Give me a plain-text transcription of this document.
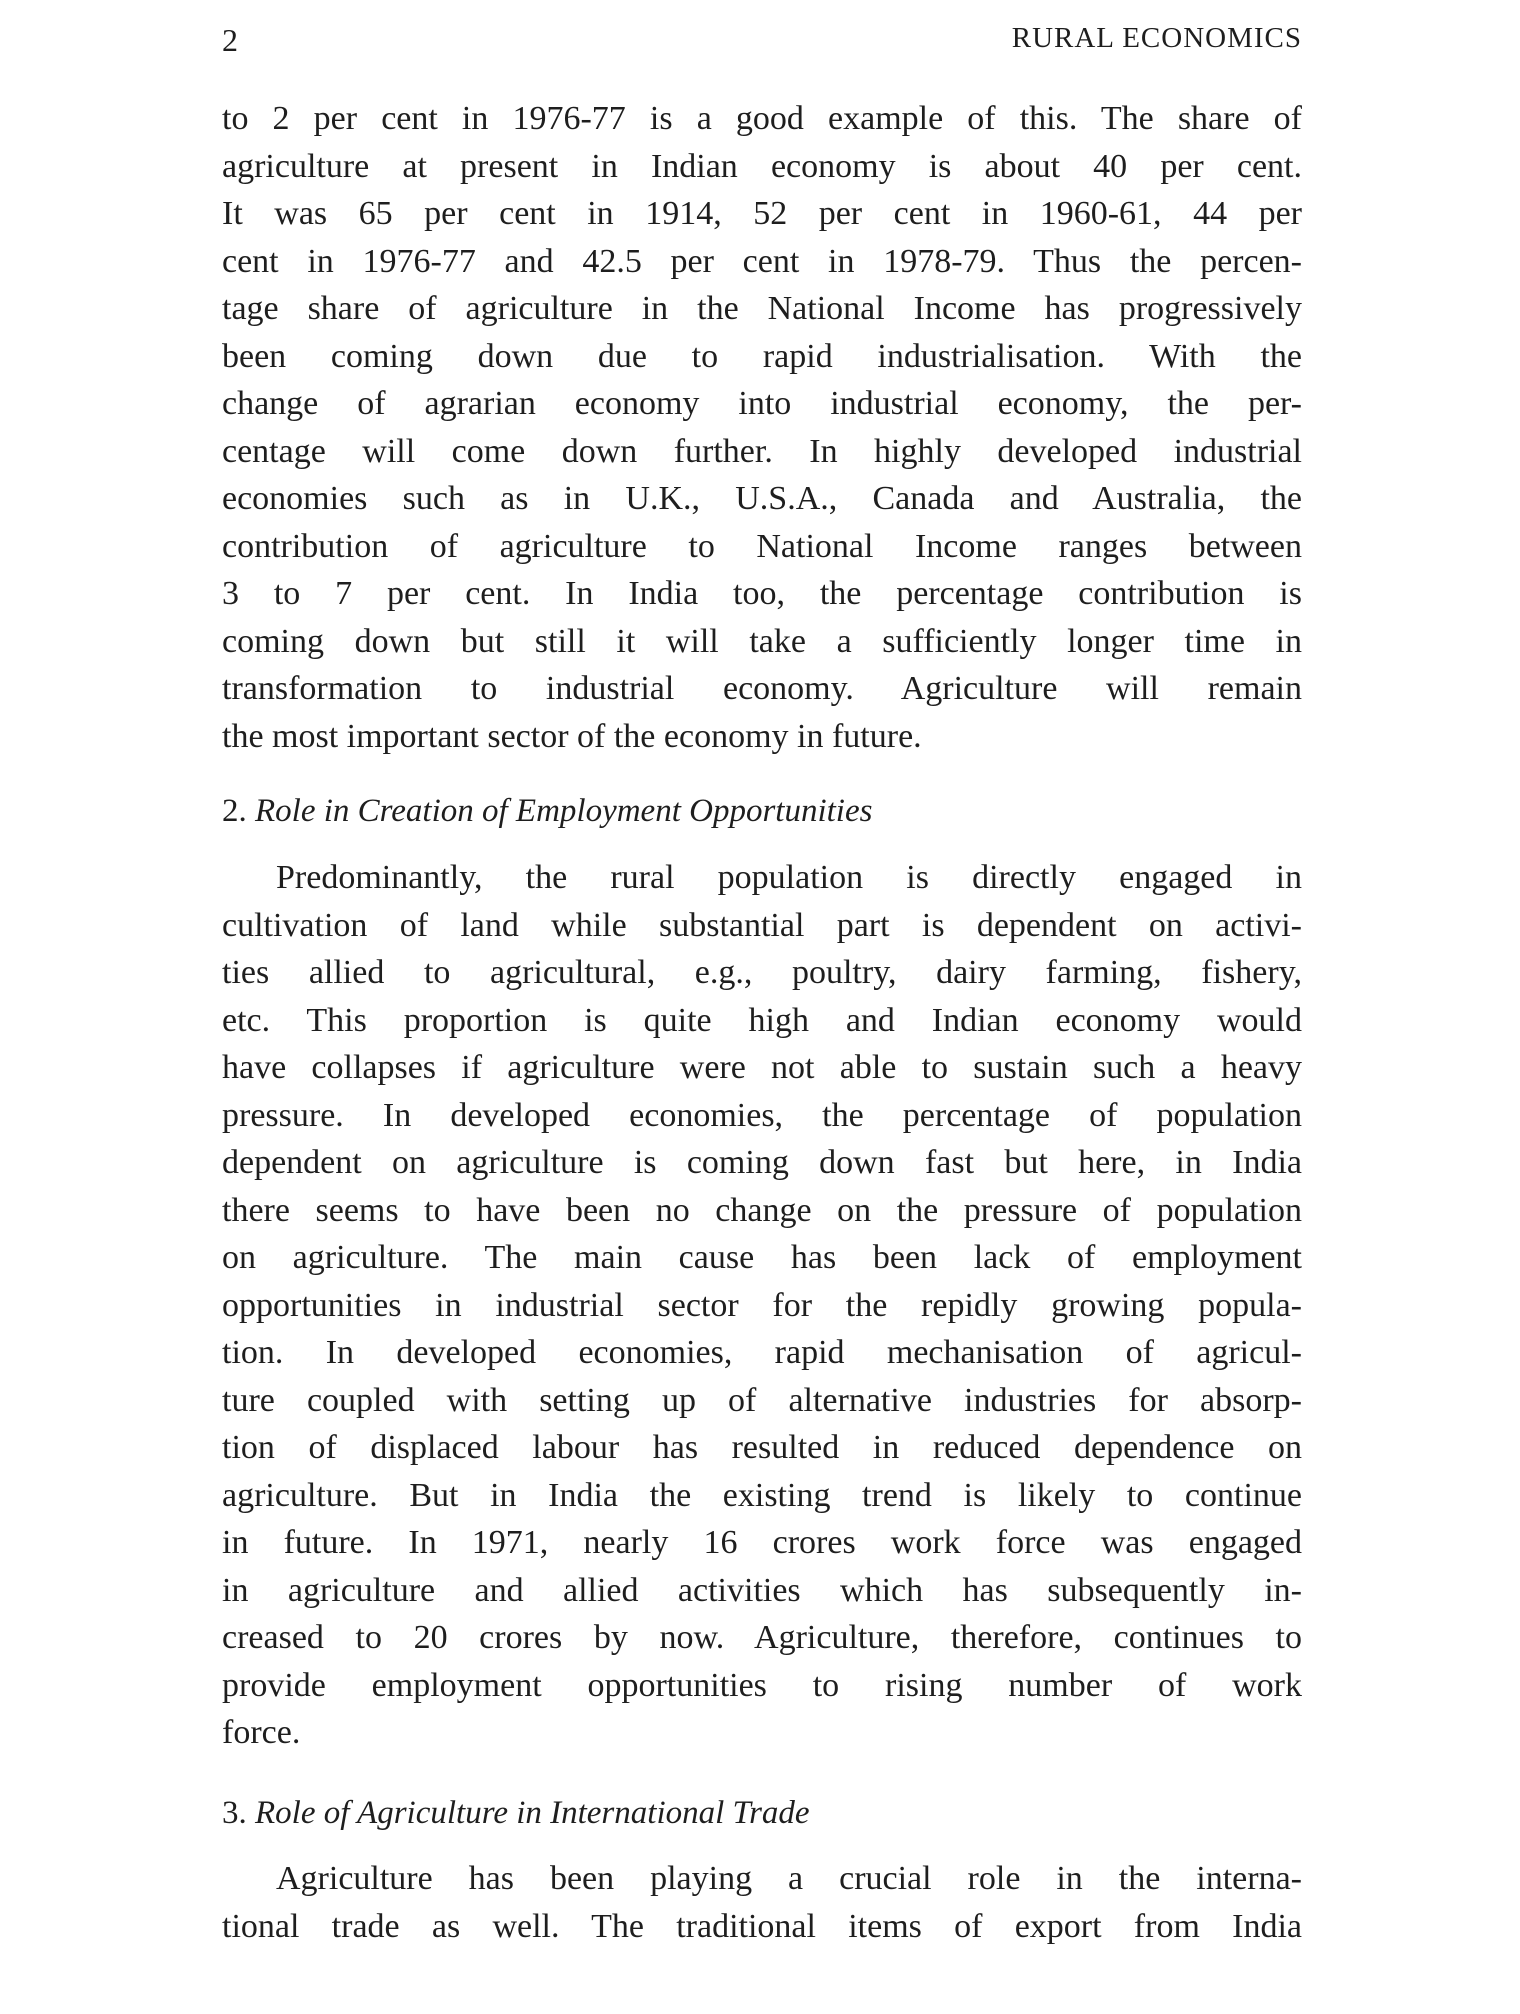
2	RURAL ECONOMICS
to 2 per cent in 1976-77 is a good example of this. The share of
agriculture at present in Indian economy is about 40 per cent.
It was 65 per cent in 1914, 52 per cent in 1960-61, 44 per
cent in 1976-77 and 42.5 per cent in 1978-79. Thus the percen-
tage share of agriculture in the National Income has progressively
been coming down due to rapid industrialisation. With the
change of agrarian economy into industrial economy, the per-
centage will come down further. In highly developed industrial
economies such as in U.K., U.S.A., Canada and Australia, the
contribution of agriculture to National Income ranges between
3 to 7 per cent. In India too, the percentage contribution is
coming down but still it will take a sufficiently longer time in
transformation to industrial economy. Agriculture will remain
the most important sector of the economy in future.
2. Role in Creation of Employment Opportunities
Predominantly, the rural population is directly engaged in
cultivation of land while substantial part is dependent on activi-
ties allied to agricultural, e.g., poultry, dairy farming, fishery,
etc. This proportion is quite high and Indian economy would
have collapses if agriculture were not able to sustain such a heavy
pressure. In developed economies, the percentage of population
dependent on agriculture is coming down fast but here, in India
there seems to have been no change on the pressure of population
on agriculture. The main cause has been lack of employment
opportunities in industrial sector for the repidly growing popula-
tion. In developed economies, rapid mechanisation of agricul-
ture coupled with setting up of alternative industries for absorp-
tion of displaced labour has resulted in reduced dependence on
agriculture. But in India the existing trend is likely to continue
in future. In 1971, nearly 16 crores work force was engaged
in agriculture and allied activities which has subsequently in-
creased to 20 crores by now. Agriculture, therefore, continues to
provide employment opportunities to rising number of work
force.
3. Role of Agriculture in International Trade
Agriculture has been playing a crucial role in the interna-
tional trade as well. The traditional items of export from India
